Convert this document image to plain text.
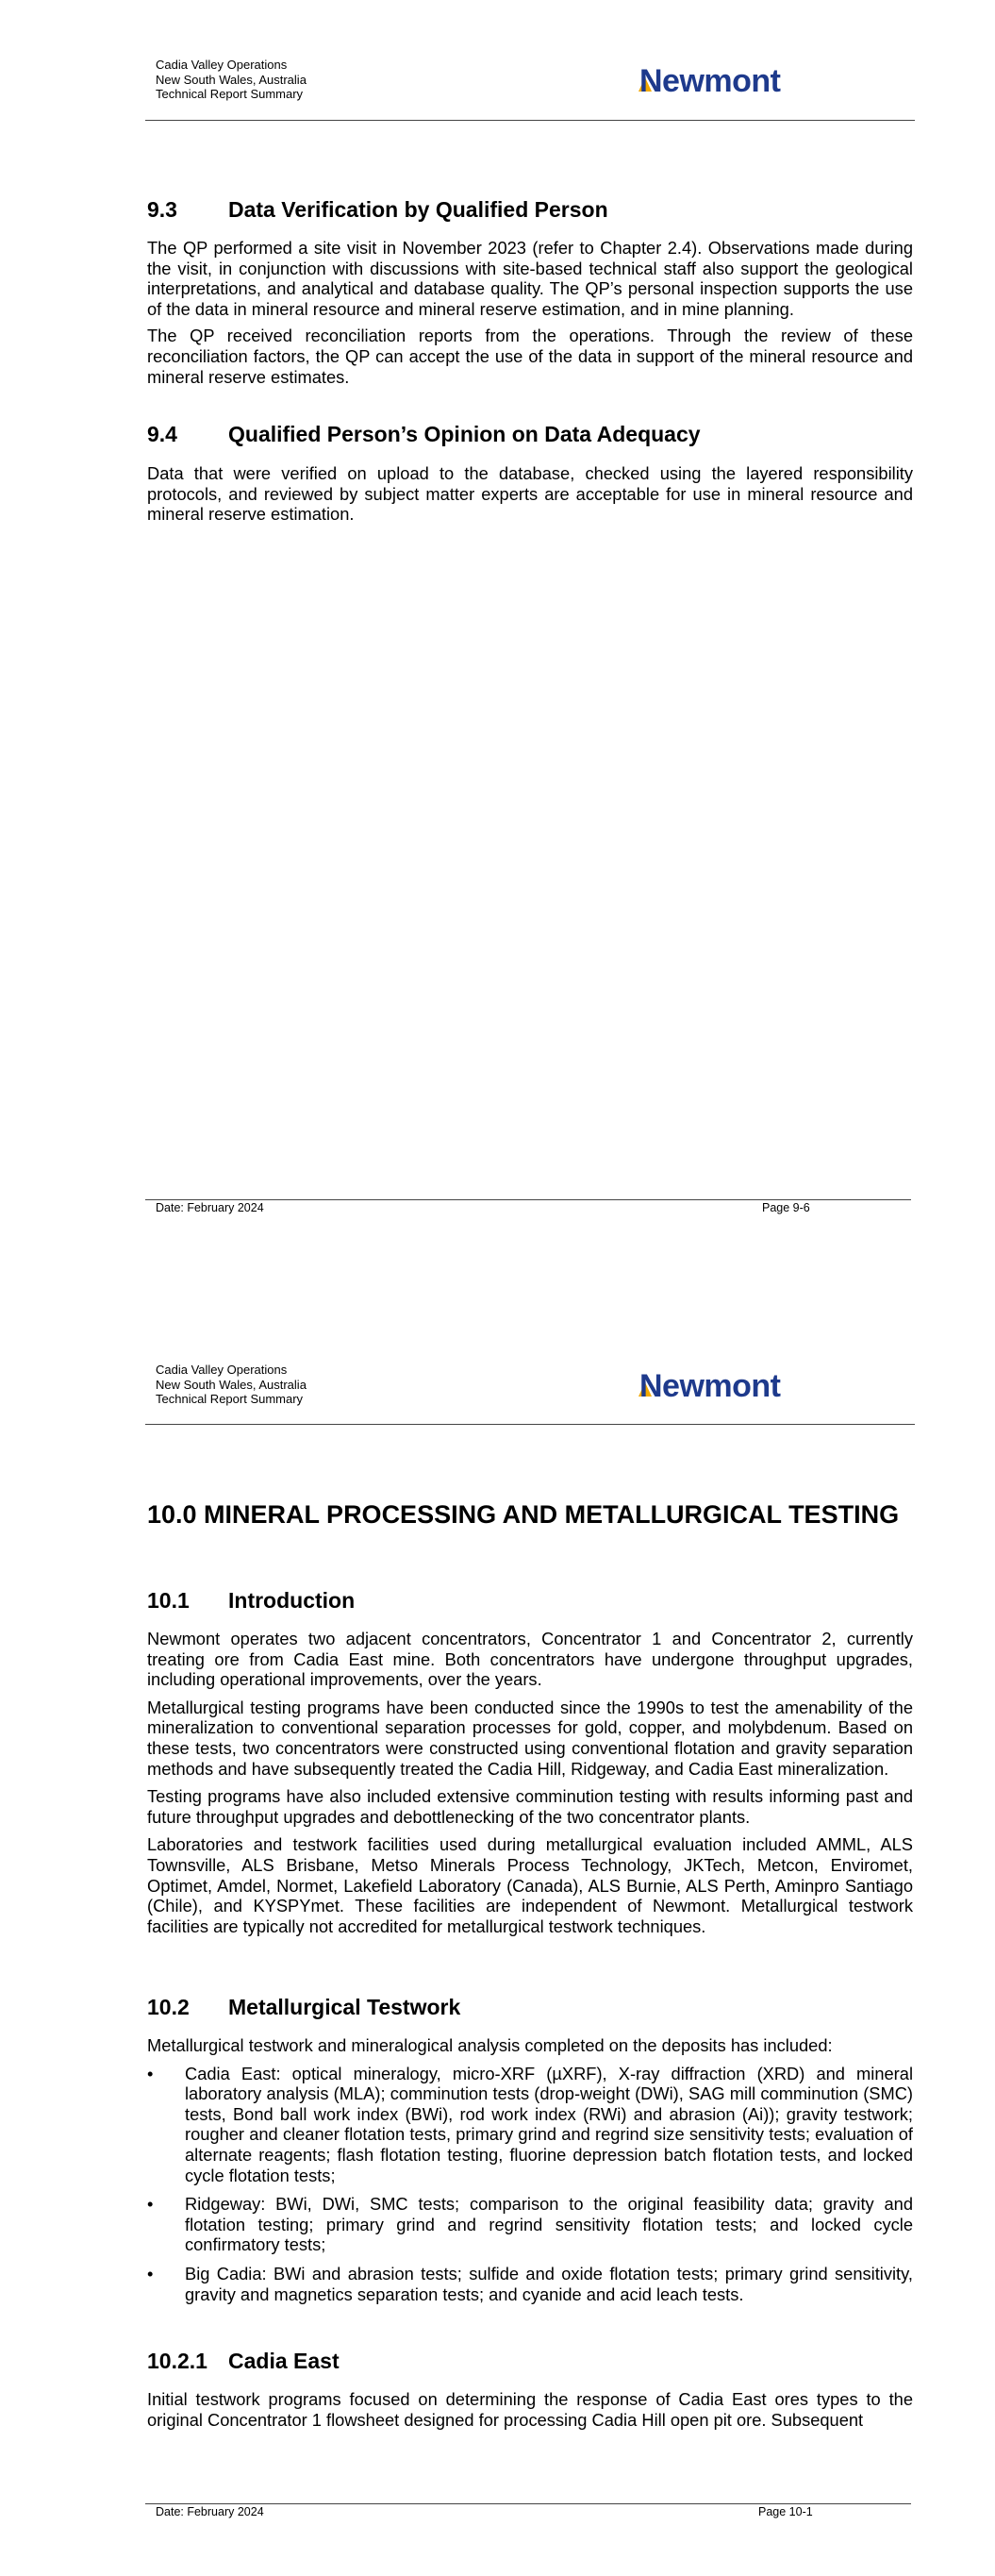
Cadia Valley Operations
New South Wales, Australia
Technical Report Summary	Newmont
9.3	Data Verification by Qualified Person

The QP performed a site visit in November 2023 (refer to Chapter 2.4). Observations made during the visit, in conjunction with discussions with site-based technical staff also support the geological interpretations, and analytical and database quality. The QP’s personal inspection supports the use of the data in mineral resource and mineral reserve estimation, and in mine planning.

The QP received reconciliation reports from the operations. Through the review of these reconciliation factors, the QP can accept the use of the data in support of the mineral resource and mineral reserve estimates.

9.4	Qualified Person’s Opinion on Data Adequacy

Data that were verified on upload to the database, checked using the layered responsibility protocols, and reviewed by subject matter experts are acceptable for use in mineral resource and mineral reserve estimation.

Date: February 2024	Page 9-6
Cadia Valley Operations
New South Wales, Australia
Technical Report Summary	Newmont
10.0 MINERAL PROCESSING AND METALLURGICAL TESTING
10.1	Introduction

Newmont operates two adjacent concentrators, Concentrator 1 and Concentrator 2, currently treating ore from Cadia East mine. Both concentrators have undergone throughput upgrades, including operational improvements, over the years.

Metallurgical testing programs have been conducted since the 1990s to test the amenability of the mineralization to conventional separation processes for gold, copper, and molybdenum. Based on these tests, two concentrators were constructed using conventional flotation and gravity separation methods and have subsequently treated the Cadia Hill, Ridgeway, and Cadia East mineralization.

Testing programs have also included extensive comminution testing with results informing past and future throughput upgrades and debottlenecking of the two concentrator plants.

Laboratories and testwork facilities used during metallurgical evaluation included AMML, ALS Townsville, ALS Brisbane, Metso Minerals Process Technology, JKTech, Metcon, Enviromet, Optimet, Amdel, Normet, Lakefield Laboratory (Canada), ALS Burnie, ALS Perth, Aminpro Santiago (Chile), and KYSPYmet. These facilities are independent of Newmont. Metallurgical testwork facilities are typically not accredited for metallurgical testwork techniques.

10.2	Metallurgical Testwork

Metallurgical testwork and mineralogical analysis completed on the deposits has included:

• Cadia East: optical mineralogy, micro-XRF (µXRF), X-ray diffraction (XRD) and mineral laboratory analysis (MLA); comminution tests (drop-weight (DWi), SAG mill comminution (SMC) tests, Bond ball work index (BWi), rod work index (RWi) and abrasion (Ai)); gravity testwork; rougher and cleaner flotation tests, primary grind and regrind size sensitivity tests; evaluation of alternate reagents; flash flotation testing, fluorine depression batch flotation tests, and locked cycle flotation tests;
• Ridgeway: BWi, DWi, SMC tests; comparison to the original feasibility data; gravity and flotation testing; primary grind and regrind sensitivity flotation tests; and locked cycle confirmatory tests;
• Big Cadia: BWi and abrasion tests; sulfide and oxide flotation tests; primary grind sensitivity, gravity and magnetics separation tests; and cyanide and acid leach tests.
10.2.1 Cadia East

Initial testwork programs focused on determining the response of Cadia East ores types to the original Concentrator 1 flowsheet designed for processing Cadia Hill open pit ore. Subsequent

Date: February 2024	Page 10-1
